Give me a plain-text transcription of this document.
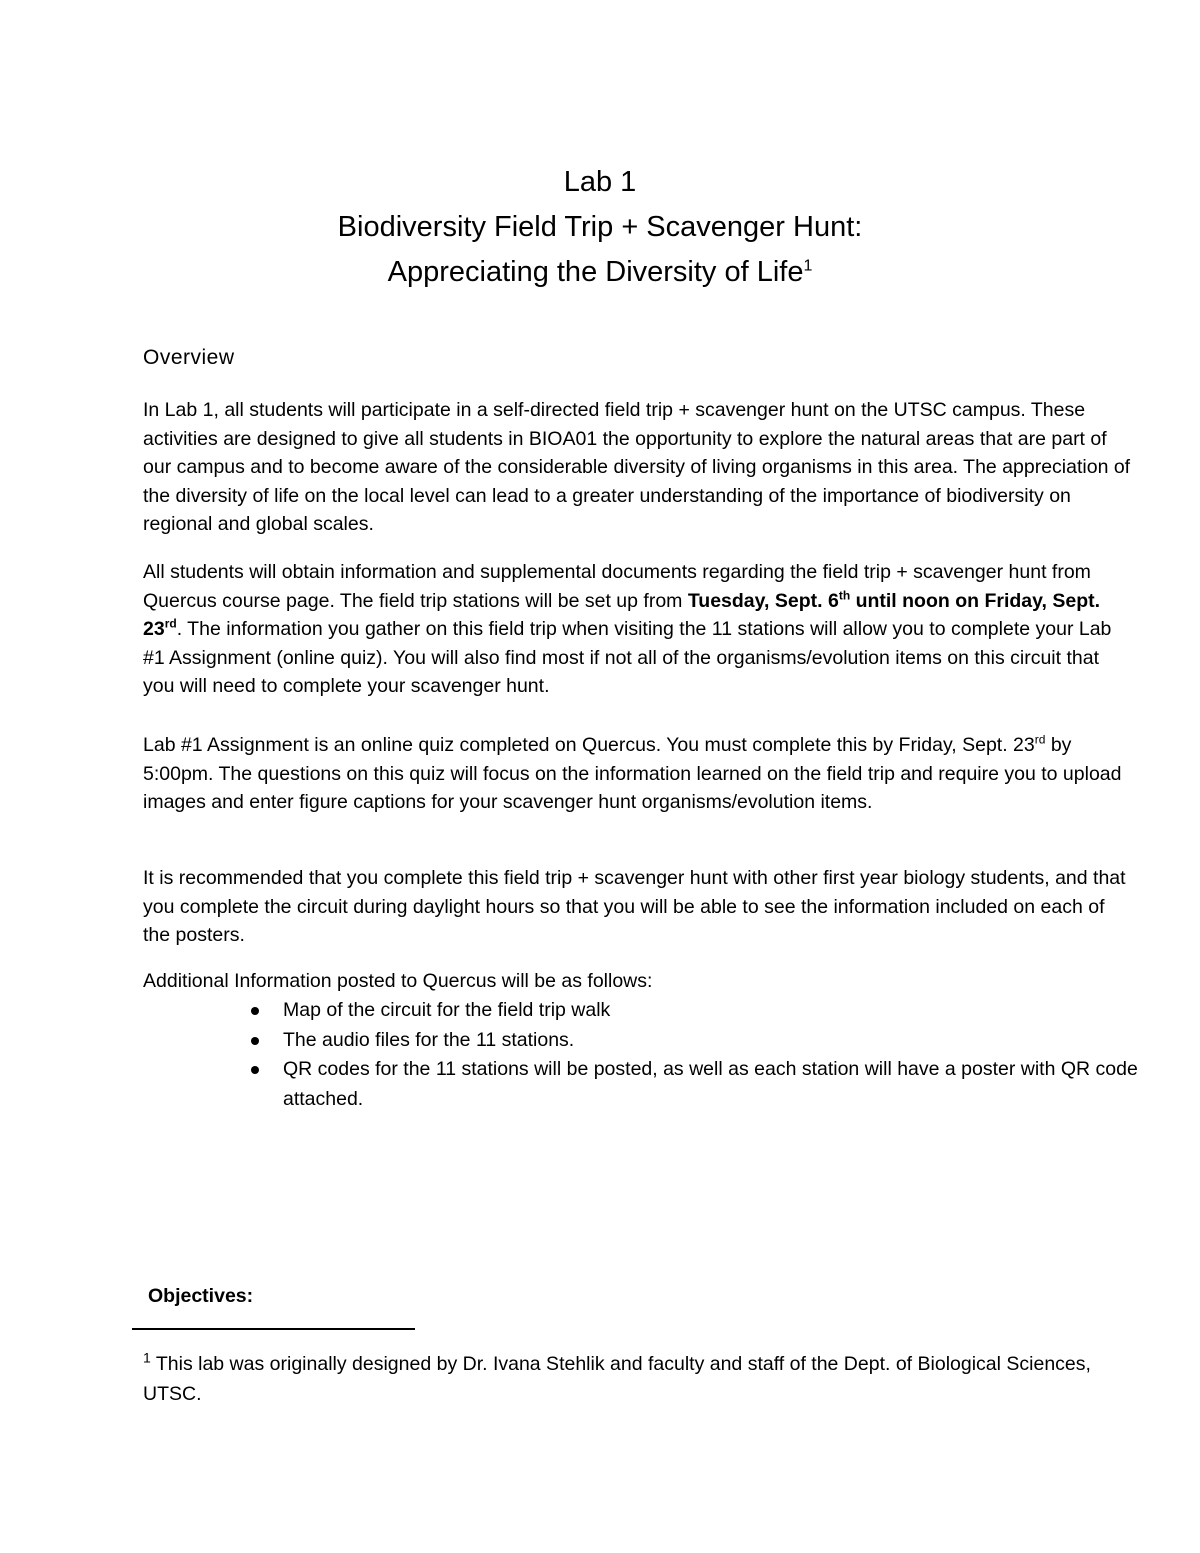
Lab 1
Biodiversity Field Trip + Scavenger Hunt:
Appreciating the Diversity of Life$^1$
Overview
In Lab 1, all students will participate in a self-directed field trip + scavenger hunt on the UTSC campus. These activities are designed to give all students in BIOA01 the opportunity to explore the natural areas that are part of our campus and to become aware of the considerable diversity of living organisms in this area. The appreciation of the diversity of life on the local level can lead to a greater understanding of the importance of biodiversity on regional and global scales.
All students will obtain information and supplemental documents regarding the field trip + scavenger hunt from Quercus course page. The field trip stations will be set up from Tuesday, Sept. 6th until noon on Friday, Sept. 23rd. The information you gather on this field trip when visiting the 11 stations will allow you to complete your Lab #1 Assignment (online quiz). You will also find most if not all of the organisms/evolution items on this circuit that you will need to complete your scavenger hunt.
Lab #1 Assignment is an online quiz completed on Quercus. You must complete this by Friday, Sept. 23rd by 5:00pm. The questions on this quiz will focus on the information learned on the field trip and require you to upload images and enter figure captions for your scavenger hunt organisms/evolution items.
It is recommended that you complete this field trip + scavenger hunt with other first year biology students, and that you complete the circuit during daylight hours so that you will be able to see the information included on each of the posters.
Additional Information posted to Quercus will be as follows:
Map of the circuit for the field trip walk
The audio files for the 11 stations.
QR codes for the 11 stations will be posted, as well as each station will have a poster with QR code attached.
Objectives:
$^1$ This lab was originally designed by Dr. Ivana Stehlik and faculty and staff of the Dept. of Biological Sciences, UTSC.
